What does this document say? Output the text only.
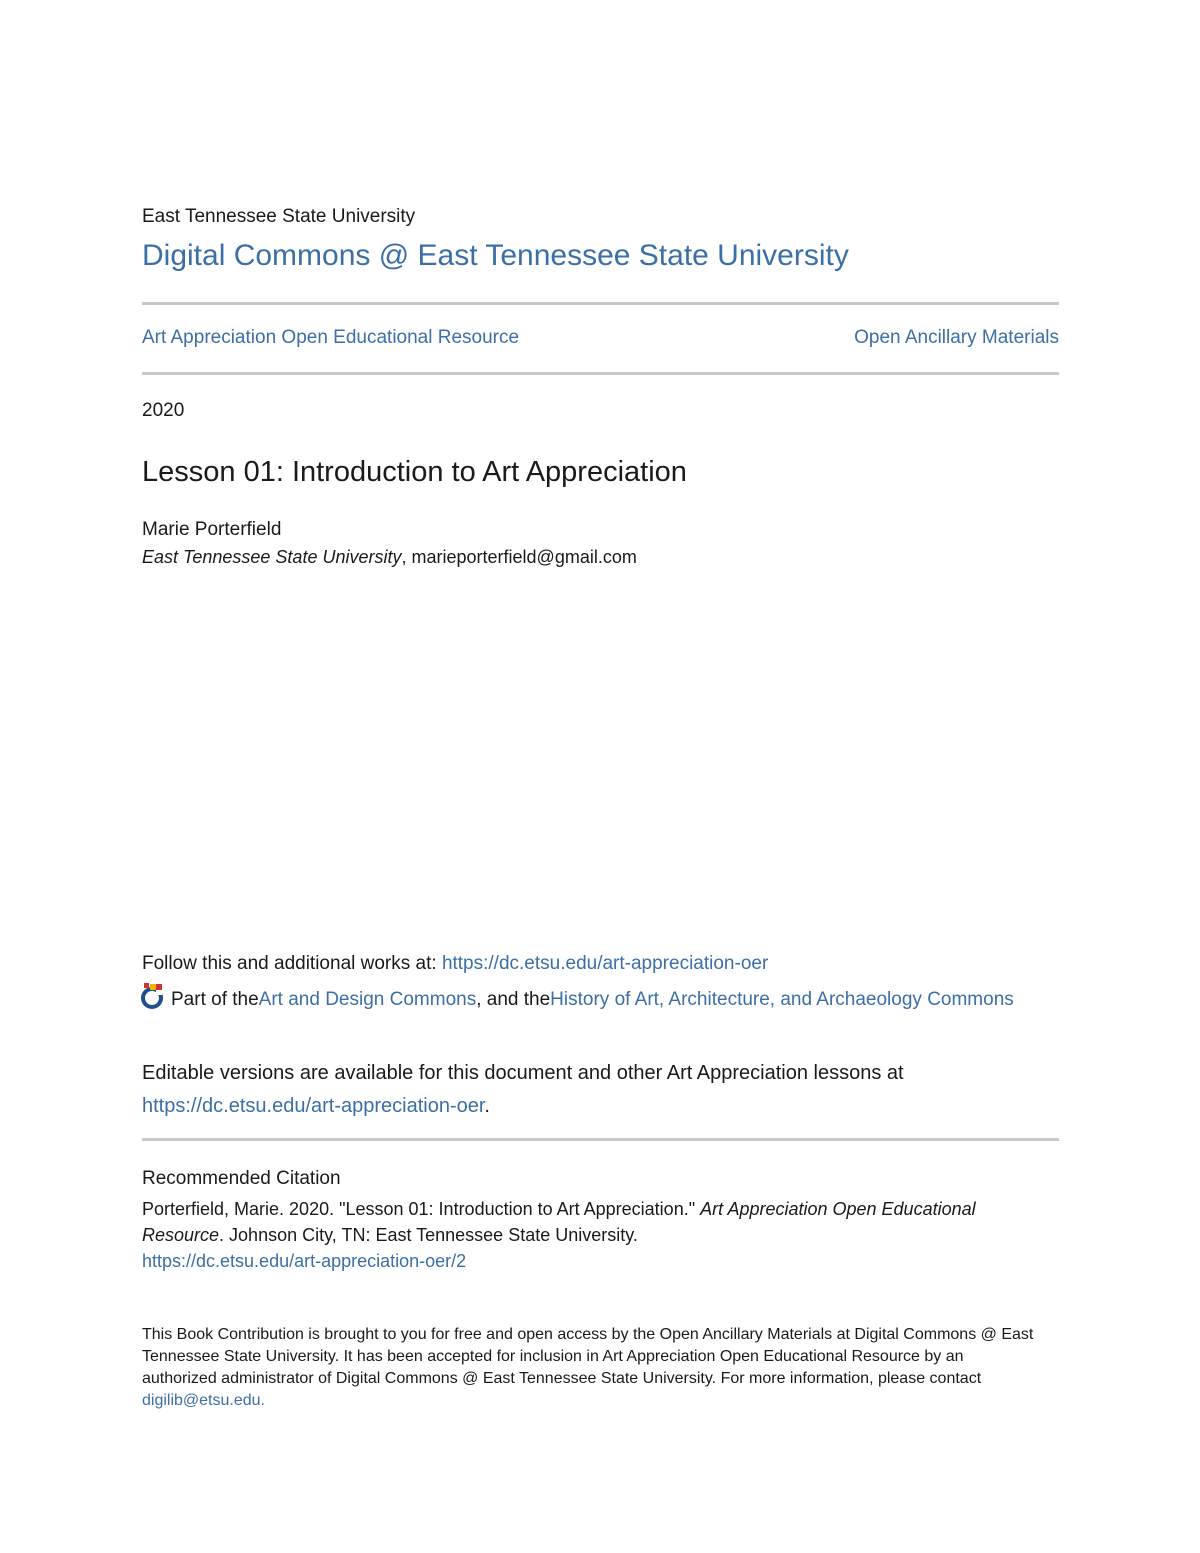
East Tennessee State University
Digital Commons @ East Tennessee State University
Art Appreciation Open Educational Resource	Open Ancillary Materials
2020
Lesson 01: Introduction to Art Appreciation
Marie Porterfield
East Tennessee State University, marieporterfield@gmail.com
Follow this and additional works at: https://dc.etsu.edu/art-appreciation-oer
Part of the Art and Design Commons , and the History of Art, Architecture, and Archaeology Commons
Editable versions are available for this document and other Art Appreciation lessons at
https://dc.etsu.edu/art-appreciation-oer.
Recommended Citation
Porterfield, Marie. 2020. "Lesson 01: Introduction to Art Appreciation." Art Appreciation Open Educational Resource. Johnson City, TN: East Tennessee State University.
https://dc.etsu.edu/art-appreciation-oer/2
This Book Contribution is brought to you for free and open access by the Open Ancillary Materials at Digital Commons @ East Tennessee State University. It has been accepted for inclusion in Art Appreciation Open Educational Resource by an authorized administrator of Digital Commons @ East Tennessee State University. For more information, please contact digilib@etsu.edu.
